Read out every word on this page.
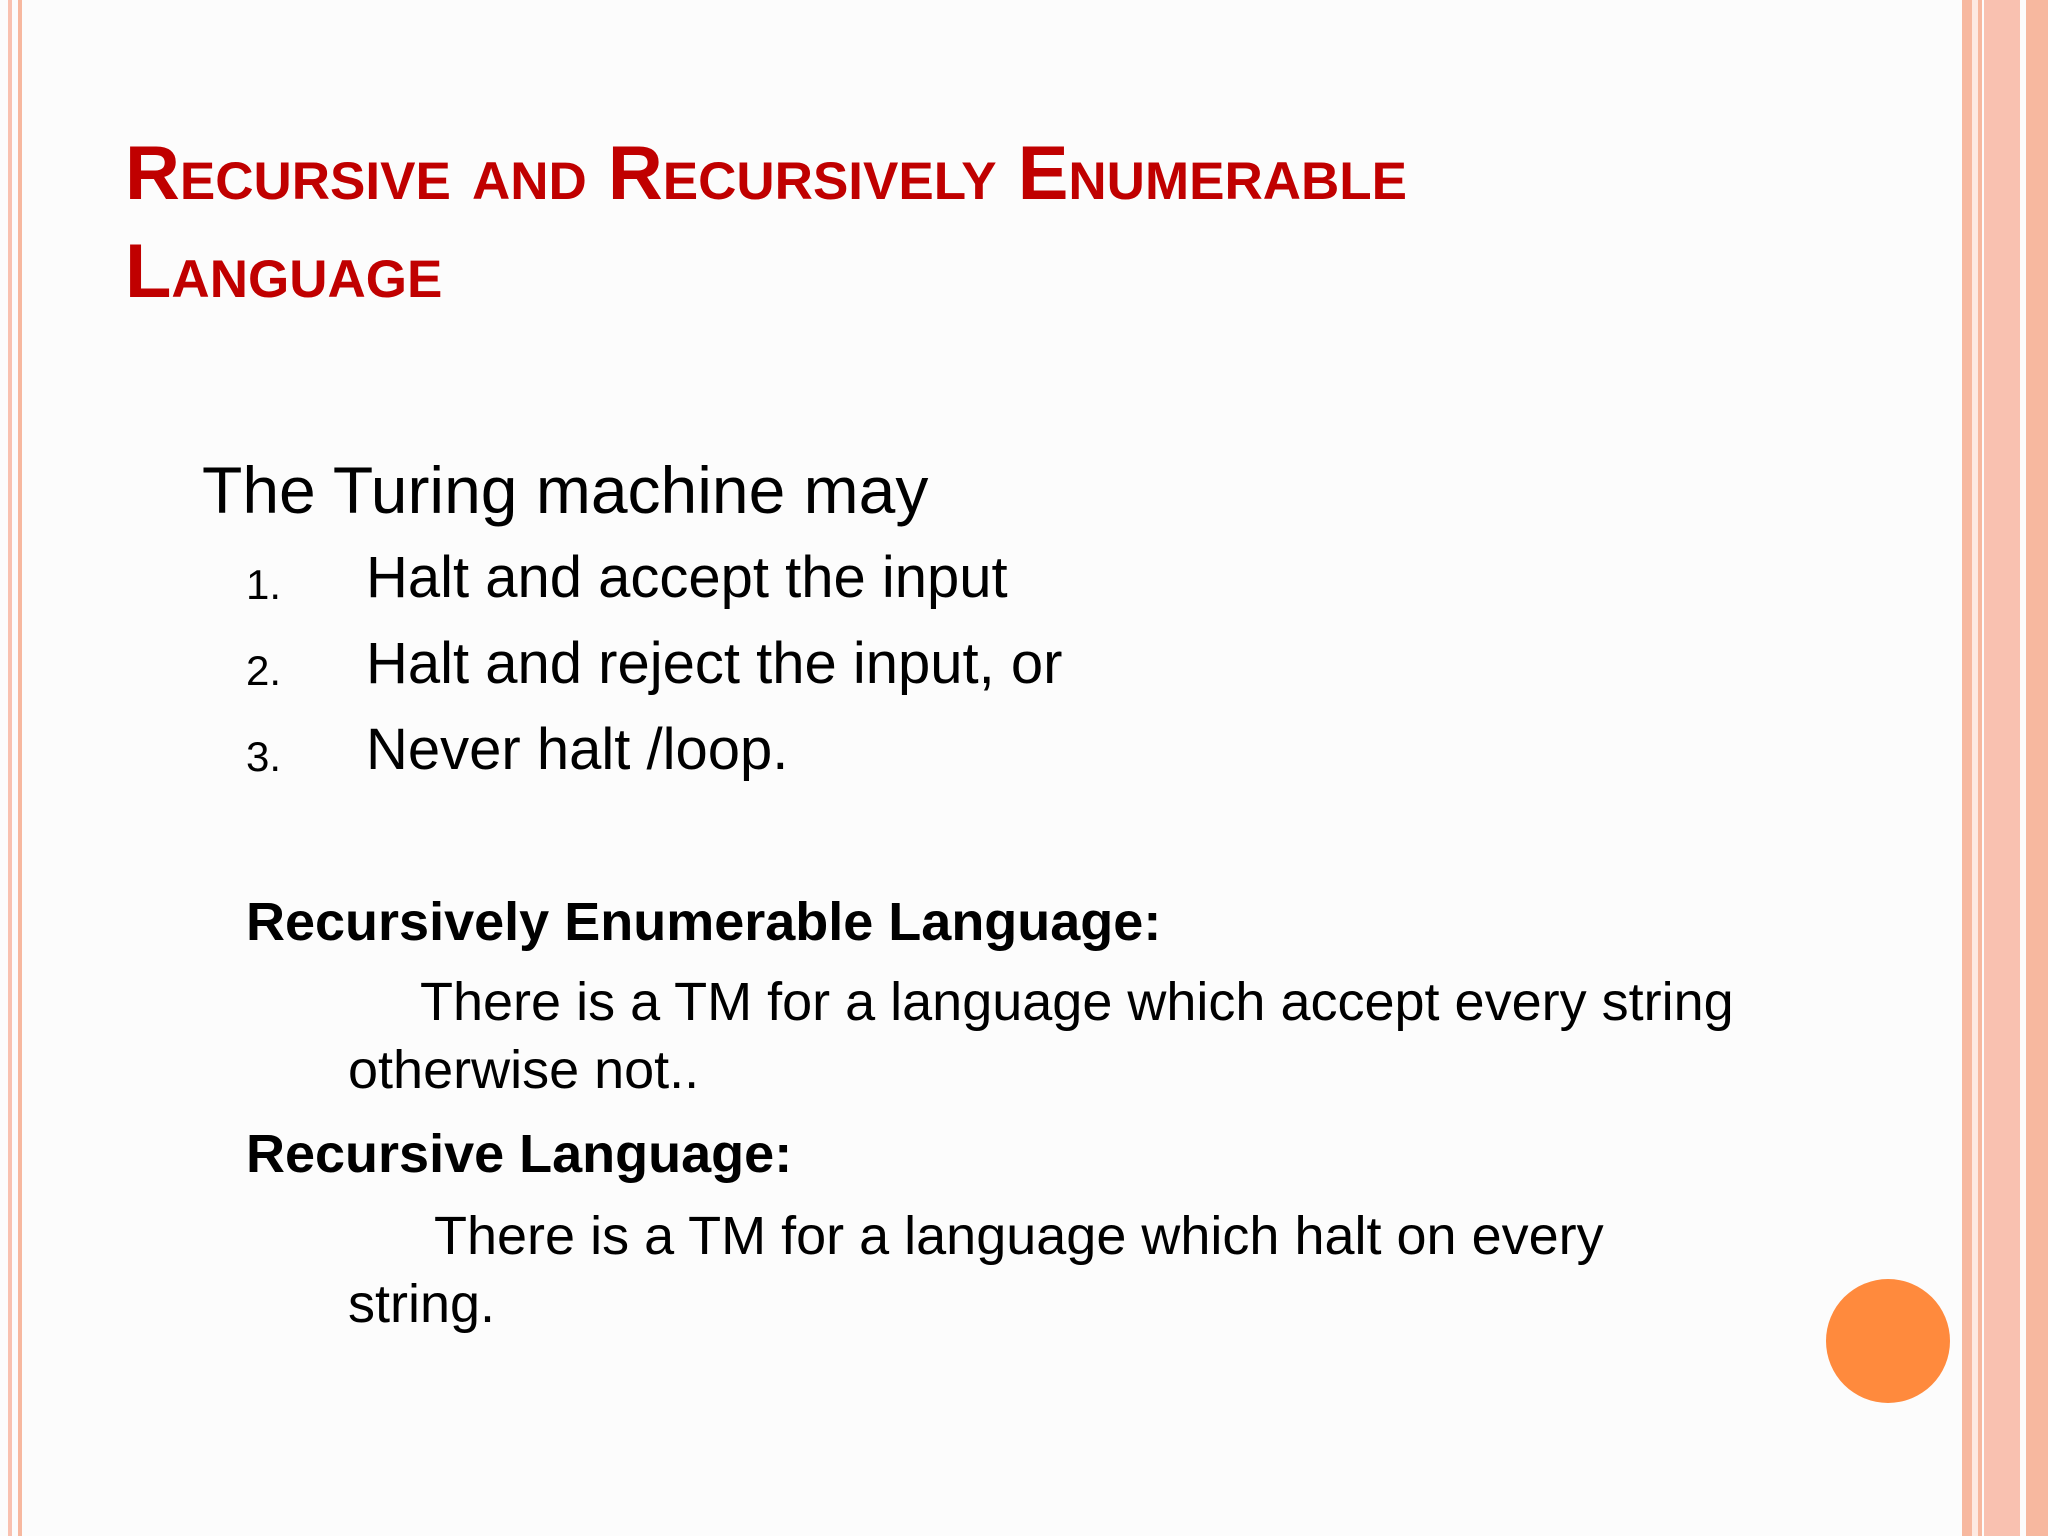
Recursive and Recursively Enumerable
Language
The Turing machine may
1. Halt and accept the input
2. Halt and reject the input, or
3. Never halt /loop.
Recursively Enumerable Language:
There is a TM for a language which accept every string
otherwise not..
Recursive Language:
There is a TM for a language which halt on every
string.
